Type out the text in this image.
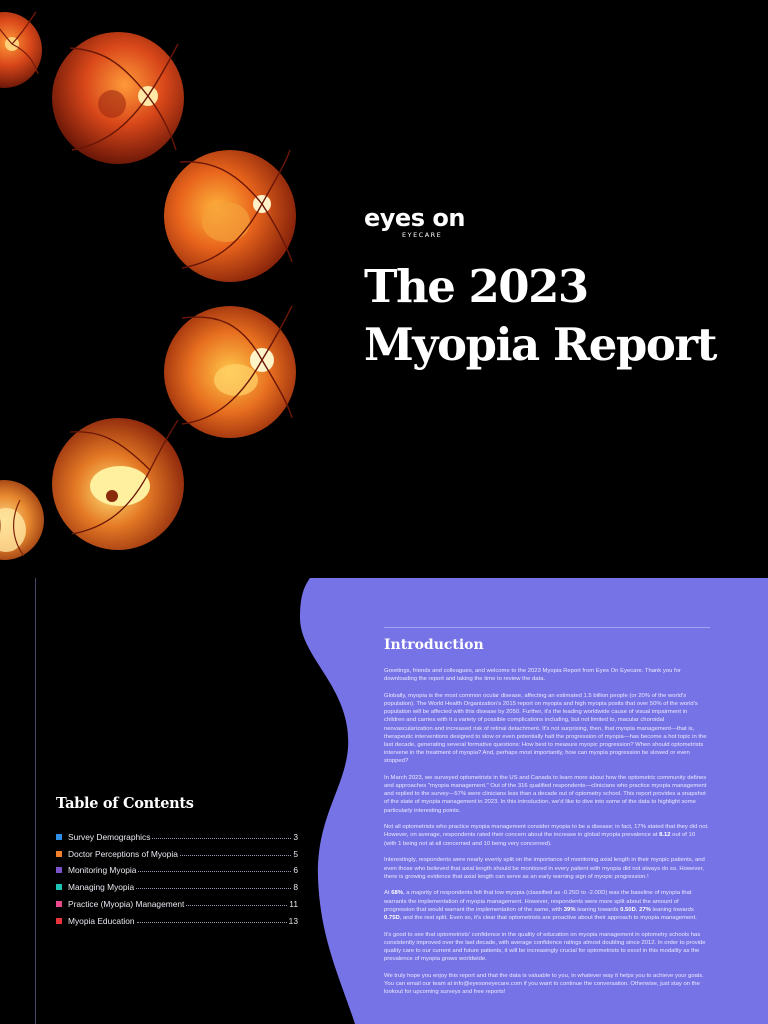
eyes on
EYECARE
The 2023
Myopia Report
Table of Contents
Survey Demographics	3
Doctor Perceptions of Myopia	5
Monitoring Myopia	6
Managing Myopia	8
Practice (Myopia) Management	11
Myopia Education	13
Introduction

Greetings, friends and colleagues, and welcome to the 2023 Myopia Report from Eyes On Eyecare. Thank you for downloading the report and taking the time to review the data.

Globally, myopia is the most common ocular disease, affecting an estimated 1.5 billion people (or 20% of the world's population). The World Health Organization's 2015 report on myopia and high myopia posits that over 50% of the world's population will be affected with this disease by 2050. Further, it's the leading worldwide cause of visual impairment in children and carries with it a variety of possible complications including, but not limited to, macular choroidal neovascularization and increased risk of retinal detachment. It's not surprising, then, that myopia management—that is, therapeutic interventions designed to slow or even potentially halt the progression of myopia—has become a hot topic in the last decade, generating several formative questions: How best to measure myopic progression? When should optometrists intervene in the treatment of myopia? And, perhaps most importantly, how can myopia progression be slowed or even stopped?

In March 2023, we surveyed optometrists in the US and Canada to learn more about how the optometric community defines and approaches "myopia management." Out of the 316 qualified respondents—clinicians who practice myopia management and replied to the survey—57% were clinicians less than a decade out of optometry school. This report provides a snapshot of the state of myopia management in 2023. In this introduction, we'd like to dive into some of the data to highlight some particularly interesting points.

Not all optometrists who practice myopia management consider myopia to be a disease; in fact, 17% stated that they did not. However, on average, respondents rated their concern about the increase in global myopia prevalence at 8.12 out of 10 (with 1 being not at all concerned and 10 being very concerned).

Interestingly, respondents were nearly evenly split on the importance of monitoring axial length in their myopic patients, and even those who believed that axial length should be monitored in every patient with myopia did not always do so. However, there is growing evidence that axial length can serve as an early warning sign of myopic progression.¹

At 68%, a majority of respondents felt that low myopia (classified as -0.25D to -2.00D) was the baseline of myopia that warrants the implementation of myopia management. However, respondents were more split about the amount of progression that would warrant the implementation of the same, with 39% leaning towards 0.50D, 27% leaning towards 0.75D, and the rest split. Even so, it's clear that optometrists are proactive about their approach to myopia management.

It's good to see that optometrists' confidence in the quality of education on myopia management in optometry schools has consistently improved over the last decade, with average confidence ratings almost doubling since 2012. In order to provide quality care to our current and future patients, it will be increasingly crucial for optometrists to excel in this modality as the prevalence of myopia grows worldwide.

We truly hope you enjoy this report and that the data is valuable to you, in whatever way it helps you to achieve your goals. You can email our team at info@eyesoneyecare.com if you want to continue the conversation. Otherwise, just stay on the lookout for upcoming surveys and free reports!
